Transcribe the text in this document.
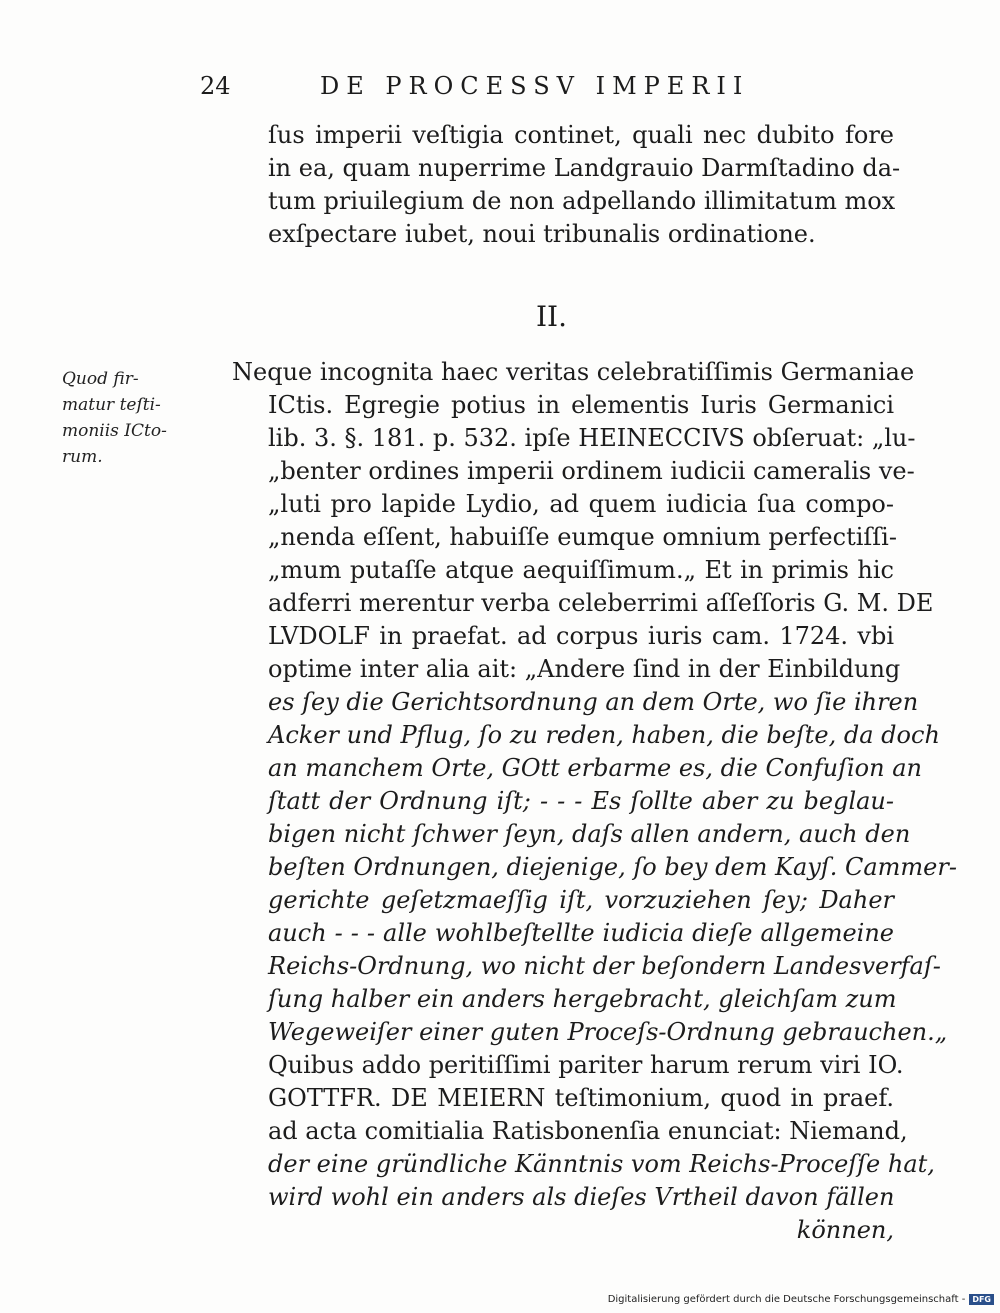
24	DE PROCESSV IMPERII
ſus imperii veſtigia continet, quali nec dubito fore
in ea, quam nuperrime Landgrauio Darmſtadino da-
tum priuilegium de non adpellando illimitatum mox
exſpectare iubet, noui tribunalis ordinatione.
II.
Quod fir-
matur teſti-
moniis ICto-
rum.
Neque incognita haec veritas celebratiſſimis Germaniae
ICtis. Egregie potius in elementis Iuris Germanici
lib. 3. §. 181. p. 532. ipſe HEINECCIVS obſeruat: „lu-
„benter ordines imperii ordinem iudicii cameralis ve-
„luti pro lapide Lydio, ad quem iudicia ſua compo-
„nenda eſſent, habuiſſe eumque omnium perfectiſſi-
„mum putaſſe atque aequiſſimum.„ Et in primis hic
adferri merentur verba celeberrimi aſſeſſoris G. M. DE
LVDOLF in praefat. ad corpus iuris cam. 1724. vbi
optime inter alia ait: „Andere ſind in der Einbildung
es ſey die Gerichtsordnung an dem Orte, wo ſie ihren
Acker und Pflug, ſo zu reden, haben, die beſte, da doch
an manchem Orte, GOtt erbarme es, die Confuſion an
ſtatt der Ordnung iſt; - - - Es ſollte aber zu beglau-
bigen nicht ſchwer ſeyn, daſs allen andern, auch den
beſten Ordnungen, diejenige, ſo bey dem Kayſ. Cammer-
gerichte geſetzmaeſſig iſt, vorzuziehen ſey; Daher
auch - - - alle wohlbeſtellte iudicia dieſe allgemeine
Reichs-Ordnung, wo nicht der beſondern Landesverfaſ-
ſung halber ein anders hergebracht, gleichſam zum
Wegeweiſer einer guten Proceſs-Ordnung gebrauchen.„
Quibus addo peritiſſimi pariter harum rerum viri IO.
GOTTFR. DE MEIERN teſtimonium, quod in praef.
ad acta comitialia Ratisbonenſia enunciat: Niemand,
der eine gründliche Känntnis vom Reichs-Proceſſe hat,
wird wohl ein anders als dieſes Vrtheil davon fällen
können,
Digitalisierung gefördert durch die Deutsche Forschungsgemeinschaft - DFG
